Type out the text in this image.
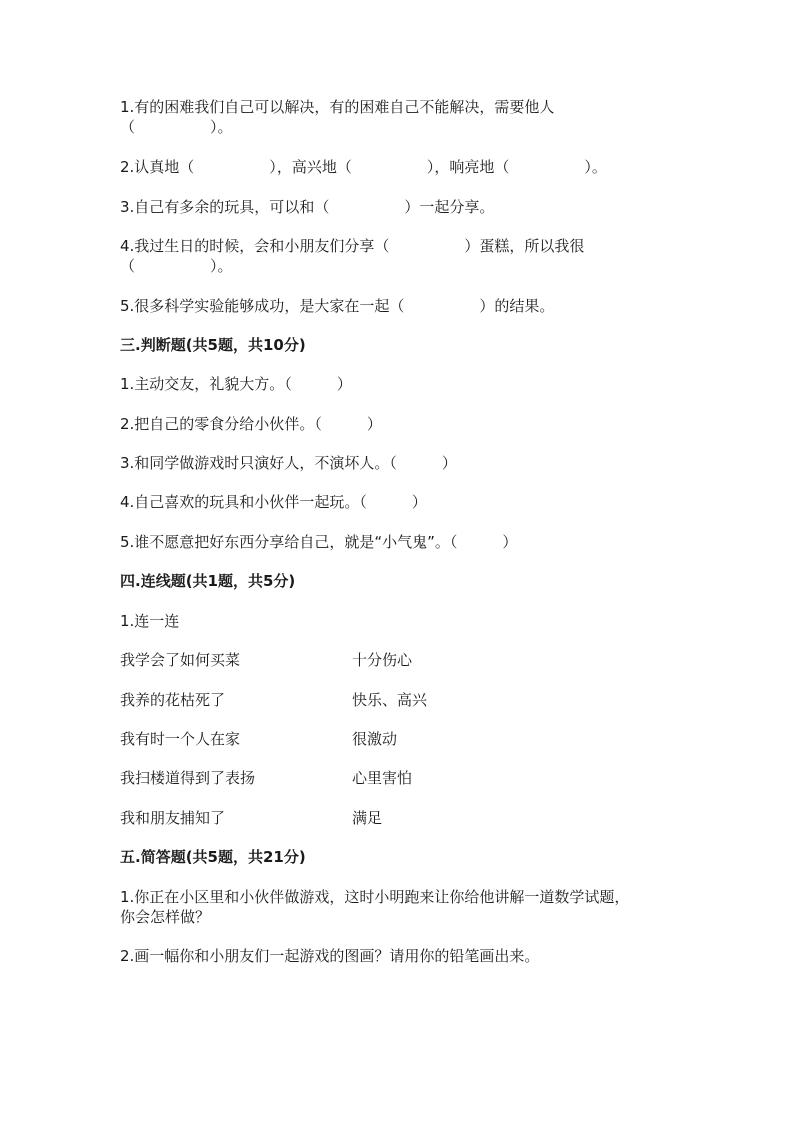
1.有的困难我们自己可以解决，有的困难自己不能解决，需要他人
（　　　　　）。
2.认真地（　　　　　），高兴地（　　　　　），响亮地（　　　　　）。
3.自己有多余的玩具，可以和（　　　　　）一起分享。
4.我过生日的时候，会和小朋友们分享（　　　　　）蛋糕，所以我很
（　　　　　）。
5.很多科学实验能够成功，是大家在一起（　　　　　）的结果。
三.判断题(共5题，共10分)
1.主动交友，礼貌大方。（　　　）
2.把自己的零食分给小伙伴。（　　　）
3.和同学做游戏时只演好人，不演坏人。（　　　）
4.自己喜欢的玩具和小伙伴一起玩。（　　　）
5.谁不愿意把好东西分享给自己，就是“小气鬼”。（　　　）
四.连线题(共1题，共5分)
1.连一连
我学会了如何买菜	十分伤心
我养的花枯死了	快乐、高兴
我有时一个人在家	很激动
我扫楼道得到了表扬	心里害怕
我和朋友捕知了	满足
五.简答题(共5题，共21分)
1.你正在小区里和小伙伴做游戏，这时小明跑来让你给他讲解一道数学试题，
你会怎样做？
2.画一幅你和小朋友们一起游戏的图画？请用你的铅笔画出来。
